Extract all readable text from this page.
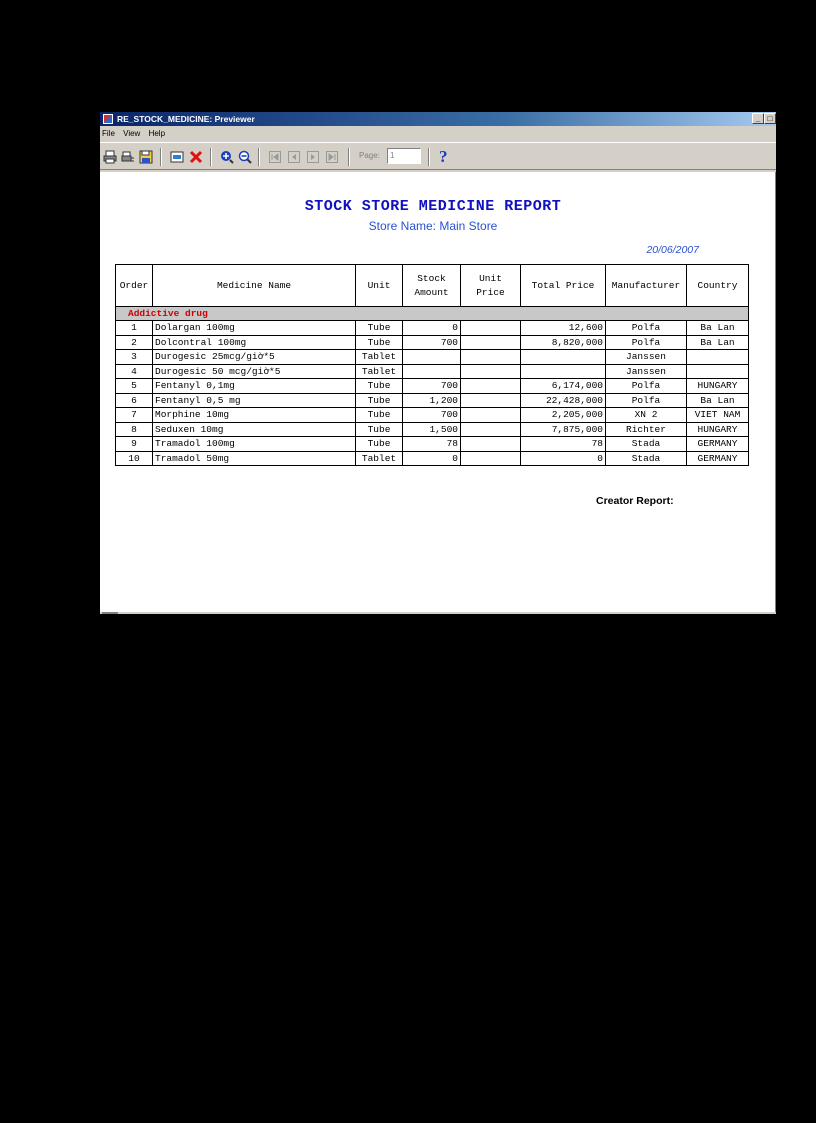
RE_STOCK_MEDICINE: Previewer	_ □
File View Help
Page:	1	?
STOCK STORE MEDICINE REPORT
Store Name: Main Store
20/06/2007
Order	Medicine Name	Unit	Stock Amount	Unit Price	Total Price	Manufacturer	Country
Addictive drug							
1	Dolargan 100mg	Tube	0		12,600	Polfa	Ba Lan
2	Dolcontral 100mg	Tube	700		8,820,000	Polfa	Ba Lan
3	Durogesic 25mcg/giờ*5	Tablet				Janssen	
4	Durogesic 50 mcg/giờ*5	Tablet				Janssen	
5	Fentanyl 0,1mg	Tube	700		6,174,000	Polfa	HUNGARY
6	Fentanyl 0,5 mg	Tube	1,200		22,428,000	Polfa	Ba Lan
7	Morphine 10mg	Tube	700		2,205,000	XN 2	VIET NAM
8	Seduxen 10mg	Tube	1,500		7,875,000	Richter	HUNGARY
9	Tramadol 100mg	Tube	78		78	Stada	GERMANY
10	Tramadol 50mg	Tablet	0		0	Stada	GERMANY
Creator Report:
